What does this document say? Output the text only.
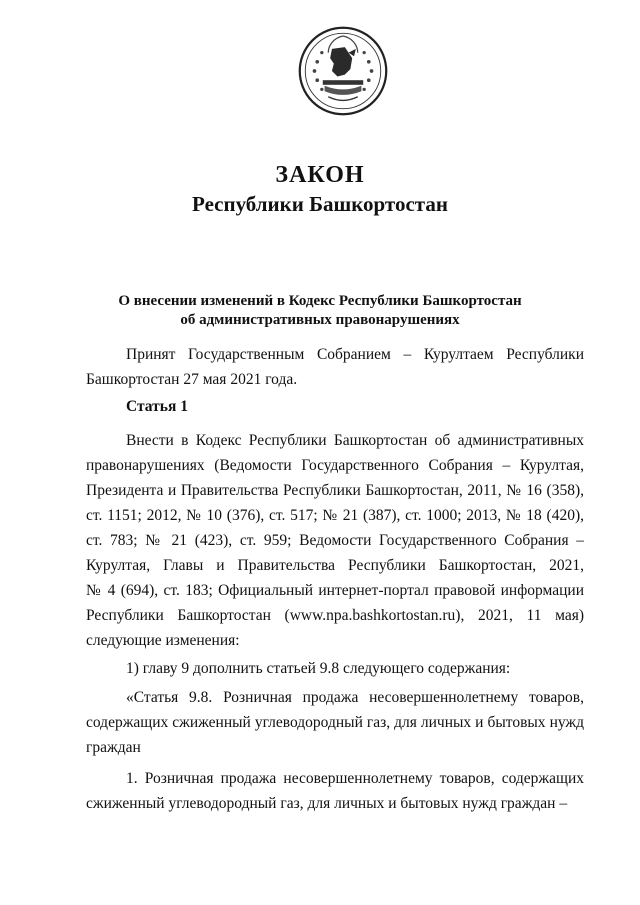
ЗАКОН
Республики Башкортостан
О внесении изменений в Кодекс Республики Башкортостан
об административных правонарушениях
Принят Государственным Собранием – Курултаем Республики
Башкортостан 27 мая 2021 года.
Статья 1
Внести в Кодекс Республики Башкортостан об административных
правонарушениях (Ведомости Государственного Собрания – Курултая,
Президента и Правительства Республики Башкортостан, 2011, № 16 (358),
ст. 1151; 2012, № 10 (376), ст. 517; № 21 (387), ст. 1000; 2013, № 18 (420),
ст. 783; № 21 (423), ст. 959; Ведомости Государственного Собрания –
Курултая, Главы и Правительства Республики Башкортостан, 2021,
№ 4 (694), ст. 183; Официальный интернет-портал правовой информации
Республики Башкортостан (www.npa.bashkortostan.ru), 2021, 11 мая)
следующие изменения:
1) главу 9 дополнить статьей 9.8 следующего содержания:
«Статья 9.8. Розничная продажа несовершеннолетнему товаров,
содержащих сжиженный углеводородный газ, для личных и бытовых нужд
граждан
1. Розничная продажа несовершеннолетнему товаров, содержащих
сжиженный углеводородный газ, для личных и бытовых нужд граждан –
